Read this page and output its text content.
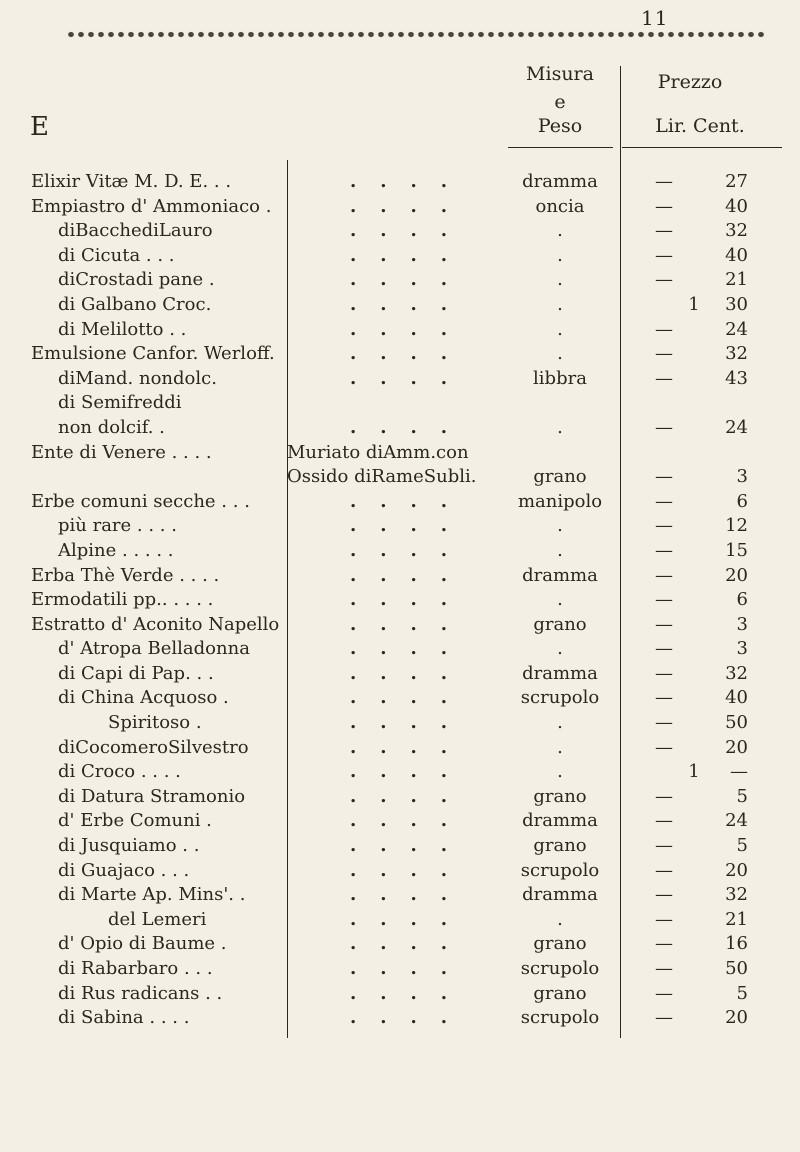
11
E
Misura
e
Peso
Prezzo
Lir. Cent.
Elixir Vitæ M. D. E. . .	....	dramma	—	27
Empiastro d' Ammoniaco .	....	oncia	—	40
diBacchediLauro	....	.	—	32
di Cicuta . . .	....	.	—	40
diCrostadi pane .	....	.	—	21
di Galbano Croc.	....	.	1	30
di Melilotto . .	....	.	—	24
Emulsione Canfor. Werloff.	....	.	—	32
diMand. nondolc.	....	libbra	—	43
di Semifreddi
non dolcif. .	....	.	—	24
Ente di Venere . . . .	Muriato diAmm.con
Ossido diRameSubli.	grano	—	3
Erbe comuni secche . . .	....	manipolo	—	6
più rare . . . .	....	.	—	12
Alpine . . . . .	....	.	—	15
Erba Thè Verde . . . .	....	dramma	—	20
Ermodatili pp.. . . . .	....	.	—	6
Estratto d' Aconito Napello	....	grano	—	3
d' Atropa Belladonna	....	.	—	3
di Capi di Pap. . .	....	dramma	—	32
di China Acquoso .	....	scrupolo	—	40
Spiritoso .	....	.	—	50
diCocomeroSilvestro	....	.	—	20
di Croco . . . .	....	.	1	—
di Datura Stramonio	....	grano	—	5
d' Erbe Comuni .	....	dramma	—	24
di Jusquiamo . .	....	grano	—	5
di Guajaco . . .	....	scrupolo	—	20
di Marte Ap. Mins'. .	....	dramma	—	32
del Lemeri	....	.	—	21
d' Opio di Baume .	....	grano	—	16
di Rabarbaro . . .	....	scrupolo	—	50
di Rus radicans . .	....	grano	—	5
di Sabina . . . .	....	scrupolo	—	20
